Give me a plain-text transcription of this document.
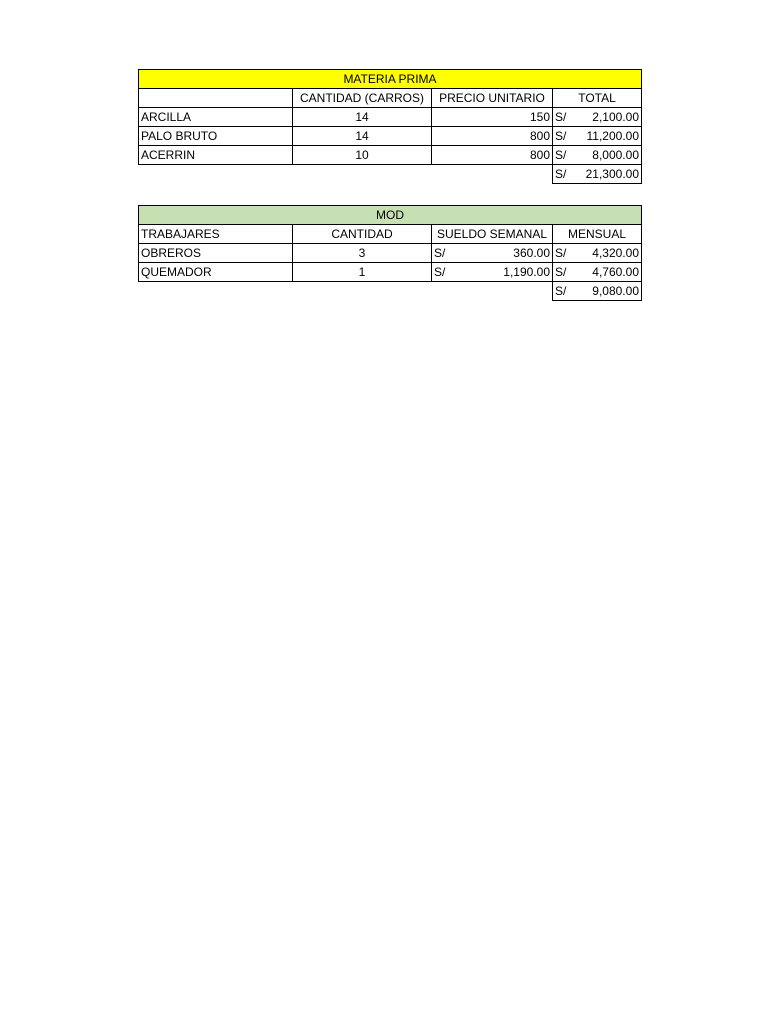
MATERIA PRIMA			
	CANTIDAD (CARROS)	PRECIO UNITARIO	TOTAL
ARCILLA	14	150	S/ 2,100.00

PALO BRUTO	14	800	S/ 11,200.00

ACERRIN	10	800	S/ 8,000.00

			S/ 21,300.00
MOD			
TRABAJARES	CANTIDAD	SUELDO SEMANAL	MENSUAL
OBREROS	3	S/ 360.00	S/ 4,320.00

QUEMADOR	1	S/ 1,190.00	S/ 4,760.00

			S/ 9,080.00
